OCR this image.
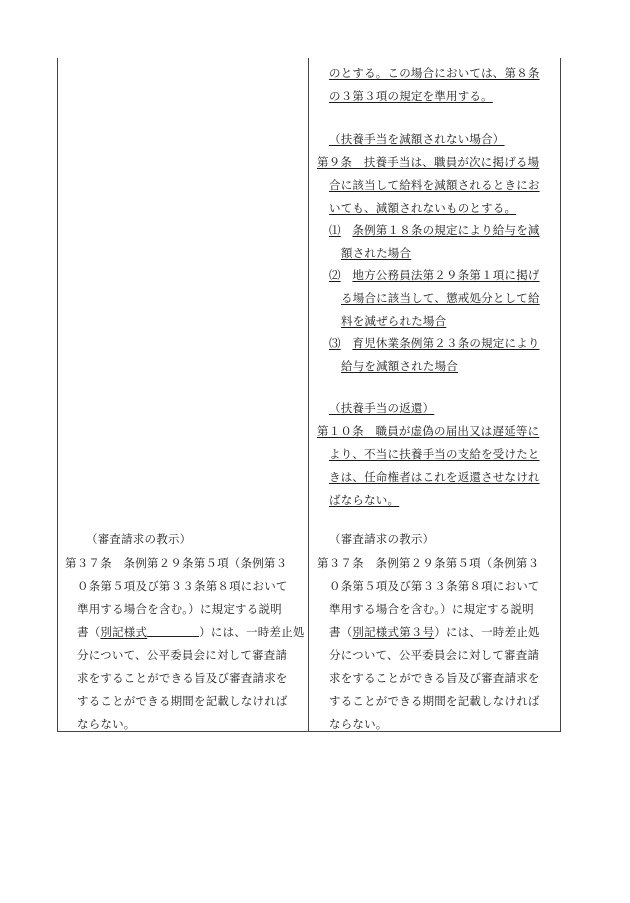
（審査請求の教示）
第３７条　条例第２９条第５項（条例第３
０条第５項及び第３３条第８項において
準用する場合を含む。）に規定する説明
書（別記様式	）には、一時差止処
分について、公平委員会に対して審査請
求をすることができる旨及び審査請求を
することができる期間を記載しなければ
ならない。
のとする。この場合においては、第８条
の３第３項の規定を準用する。
（扶養手当を減額されない場合）
第９条　扶養手当は、職員が次に掲げる場
合に該当して給料を減額されるときにお
いても、減額されないものとする。
⑴　 条例第１８条の規定により給与を減
額された場合
⑵　 地方公務員法第２９条第１項に掲げ
る場合に該当して、懲戒処分として給
料を減ぜられた場合
⑶　 育児休業条例第２３条の規定により
給与を減額された場合
（扶養手当の返還）
第１０条　職員が虚偽の届出又は遅延等に
より、不当に扶養手当の支給を受けたと
きは、任命権者はこれを返還させなけれ
ばならない。
（審査請求の教示）
第３７条　条例第２９条第５項（条例第３
０条第５項及び第３３条第８項において
準用する場合を含む。）に規定する説明
書（別記様式第３号）には、一時差止処
分について、公平委員会に対して審査請
求をすることができる旨及び審査請求を
することができる期間を記載しなければ
ならない。
